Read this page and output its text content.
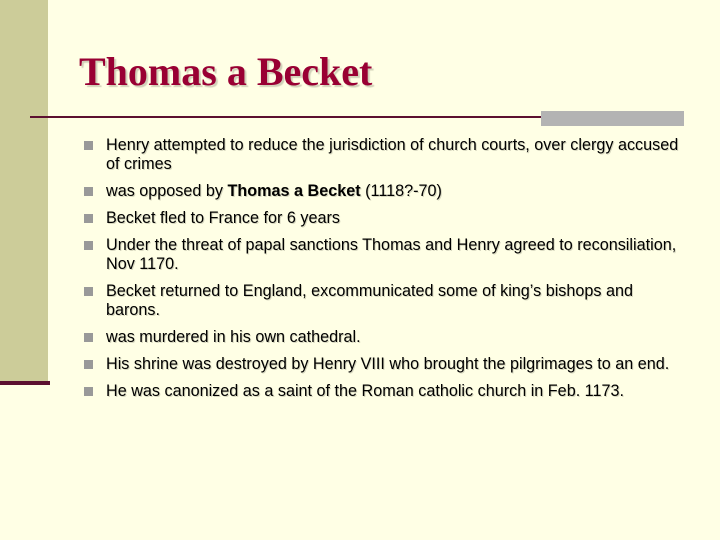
Thomas a Becket
Henry attempted to reduce the jurisdiction of church courts, over clergy accused of crimes
was opposed by Thomas a Becket (1118?-70)
Becket fled to France for 6 years
Under the threat of papal sanctions Thomas and Henry agreed to reconsiliation, Nov 1170.
Becket returned to England, excommunicated some of king’s bishops and barons.
was murdered in his own cathedral.
His shrine was destroyed by Henry VIII who brought the pilgrimages to an end.
He was canonized as a saint of the Roman catholic church in Feb. 1173.
